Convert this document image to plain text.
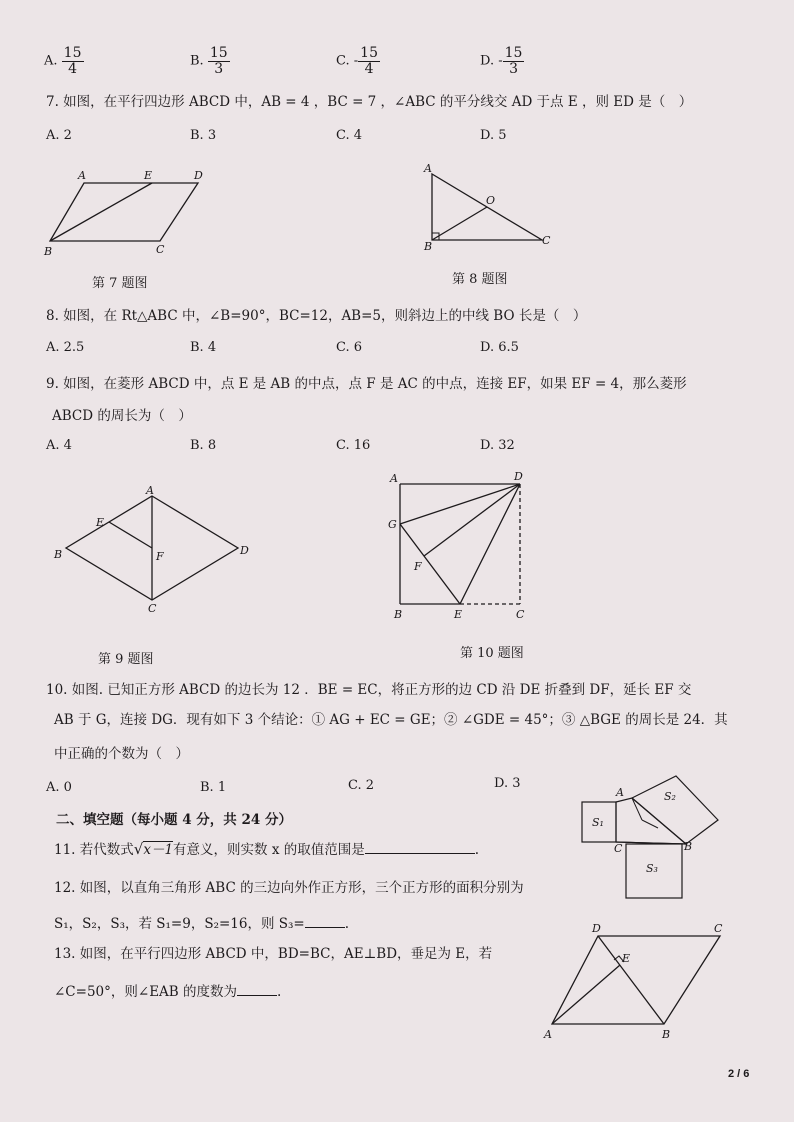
A. $\frac{15}{4}$	B. $\frac{15}{3}$	C. - $\frac{15}{4}$	D. - $\frac{15}{3}$
7. 如图，在平行四边形 ABCD 中，AB = 4 ，BC = 7 ，∠ABC 的平分线交 AD 于点 E ，则 ED 是（　）
A. 2	B. 3	C. 4	D. 5
A	E	D
B	C
第 7 题图
A
O
B	C
第 8 题图
8. 如图，在 Rt△ABC 中，∠B=90°，BC=12，AB=5，则斜边上的中线 BO 长是（　）
A. 2.5	B. 4	C. 6	D. 6.5
9. 如图，在菱形 ABCD 中，点 E 是 AB 的中点，点 F 是 AC 的中点，连接 EF，如果 EF = 4，那么菱形
ABCD 的周长为（　）
A. 4	B. 8	C. 16	D. 32
A
E
F
B	D
C
第 9 题图
A	D
G
F
B	E	C
第 10 题图
10. 如图. 已知正方形 ABCD 的边长为 12 ．BE = EC，将正方形的边 CD 沿 DE 折叠到 DF，延长 EF 交
AB 于 G，连接 DG．现有如下 3 个结论：① AG + EC = GE；② ∠GDE = 45°；③ △BGE 的周长是 24．其
中正确的个数为（　）
A. 0	B. 1	C. 2	D. 3
二、填空题（每小题 4 分，共 24 分）
11. 若代数式√x－1有意义，则实数 x 的取值范围是	.
A	S₂
S₁
C	B
S₃
12. 如图，以直角三角形 ABC 的三边向外作正方形，三个正方形的面积分别为
S₁，S₂，S₃，若 S₁=9，S₂=16，则 S₃=	.
13. 如图，在平行四边形 ABCD 中，BD=BC，AE⊥BD，垂足为 E，若
∠C=50°，则∠EAB 的度数为	.
D	C
E
A	B
2 / 6
